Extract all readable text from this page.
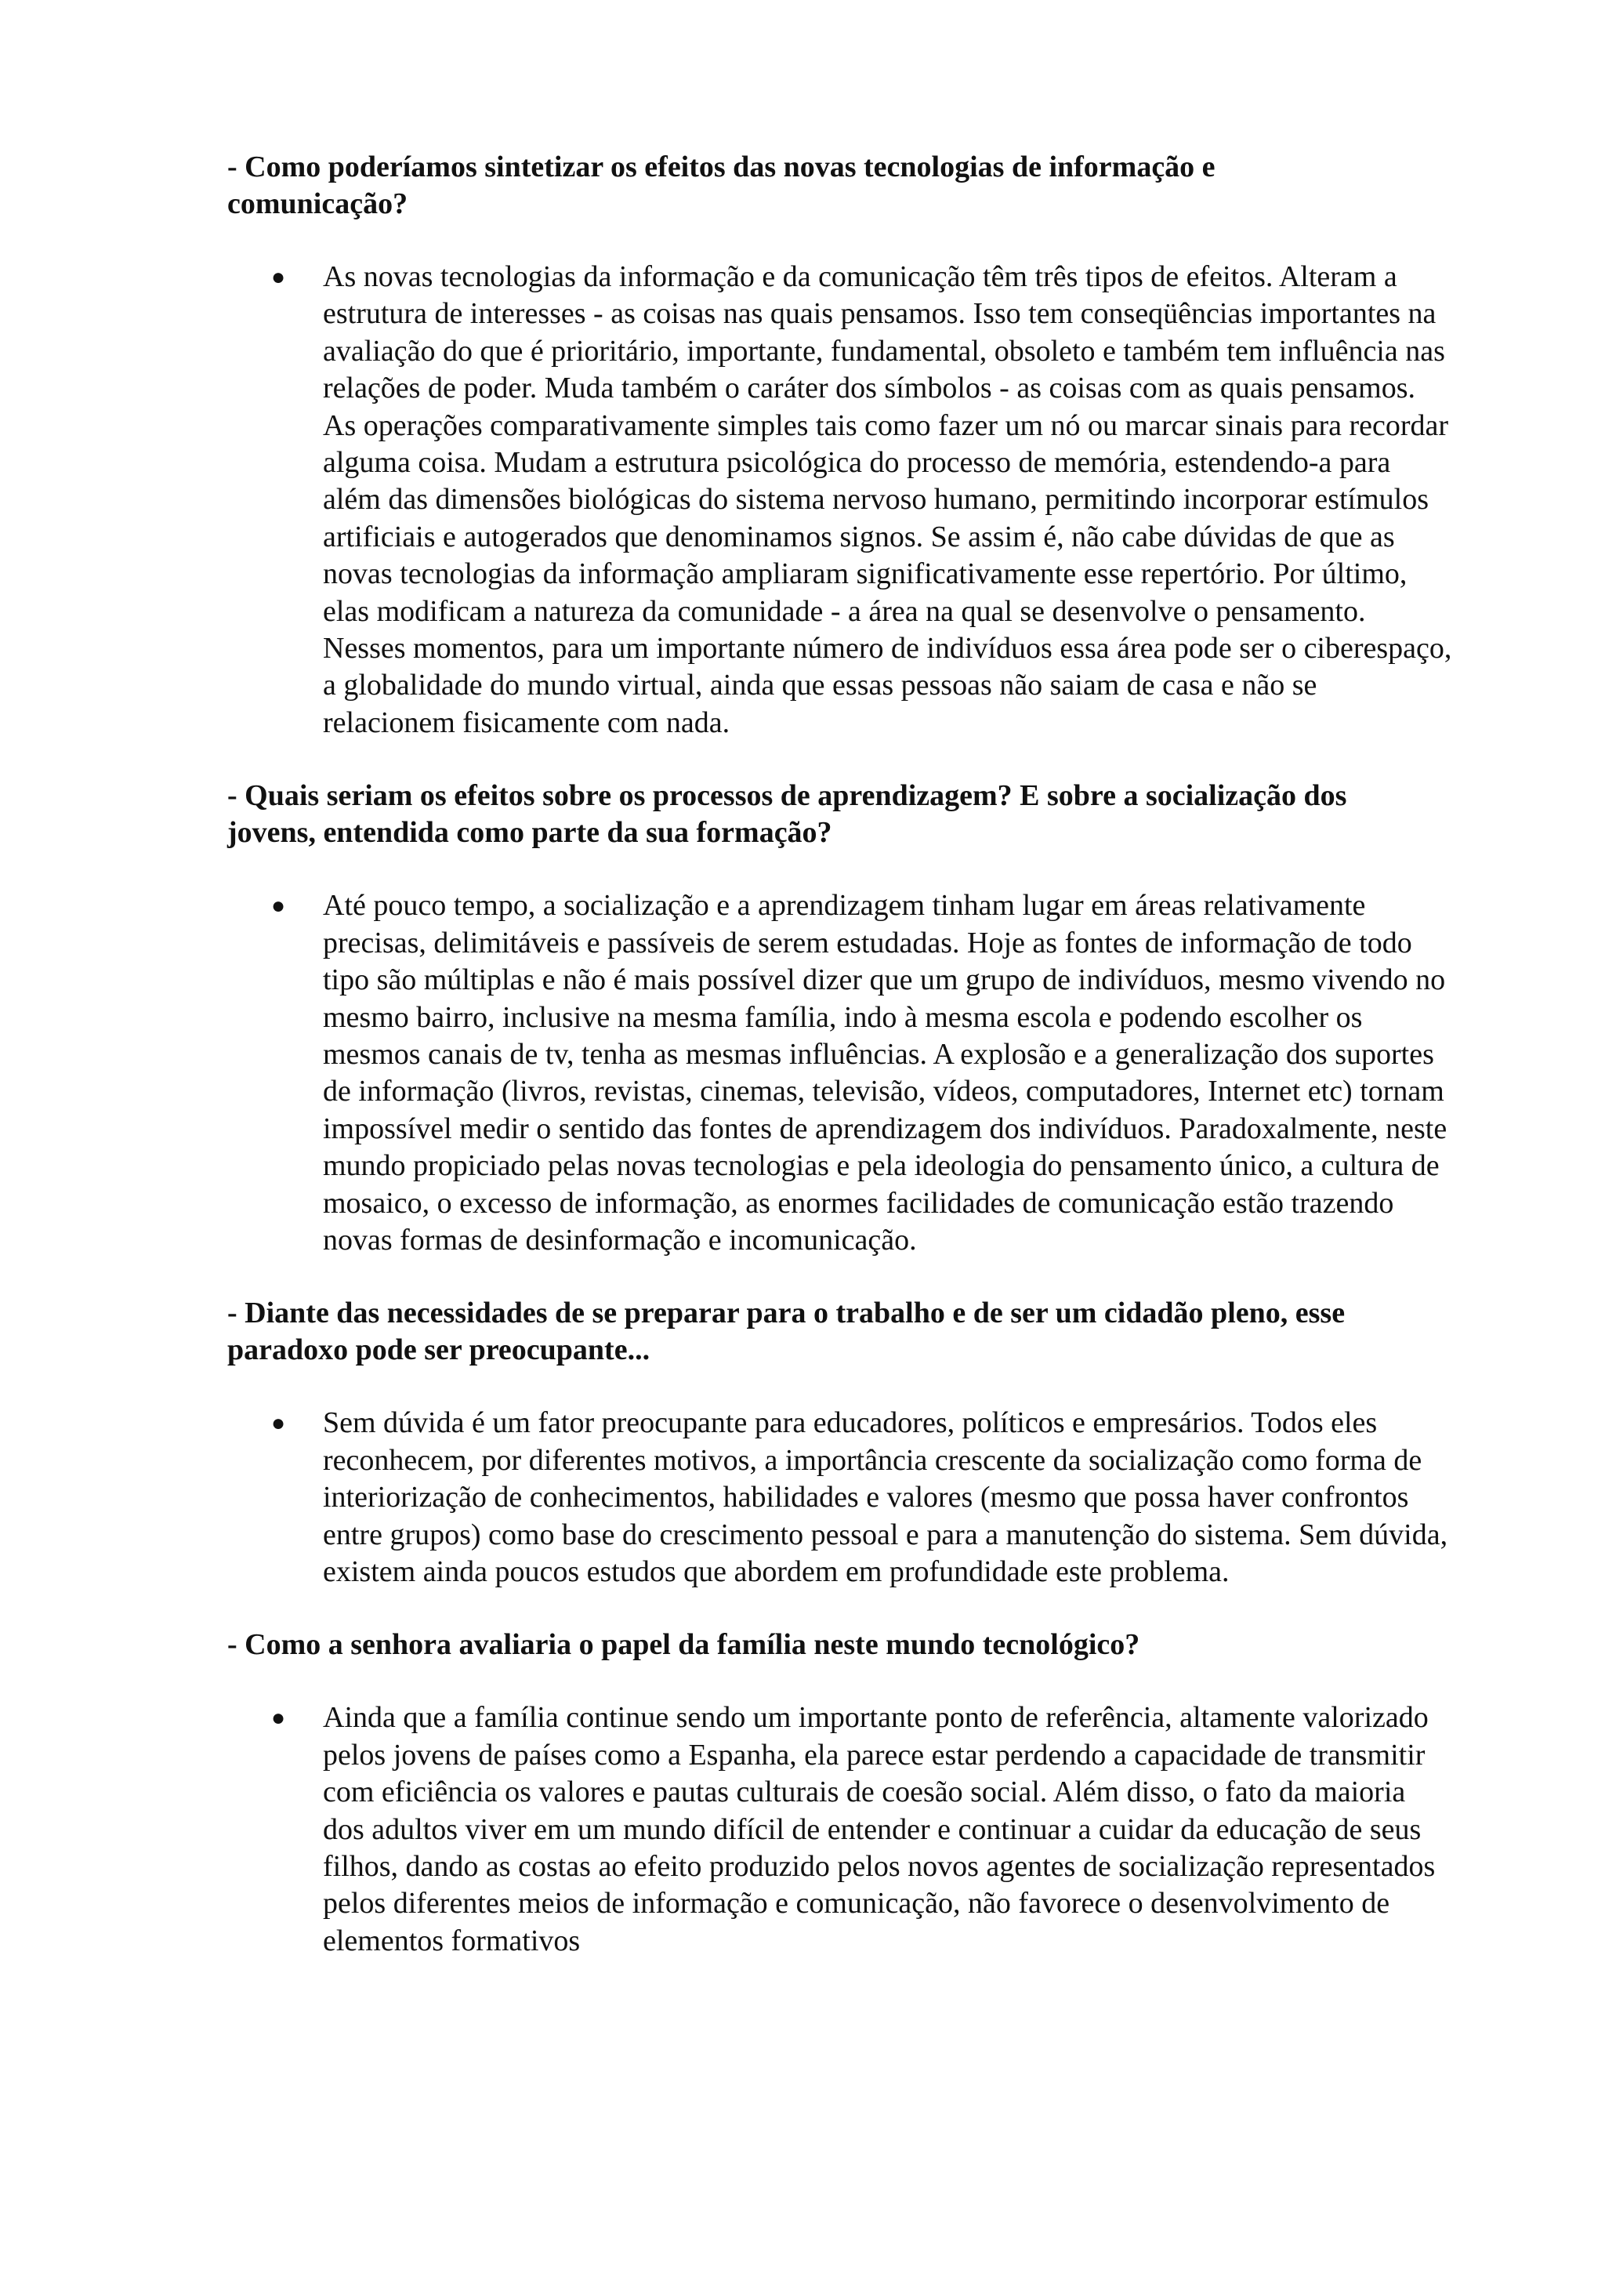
- Como poderíamos sintetizar os efeitos das novas tecnologias de informação e comunicação?

● As novas tecnologias da informação e da comunicação têm três tipos de efeitos. Alteram a estrutura de interesses - as coisas nas quais pensamos. Isso tem conseqüências importantes na avaliação do que é prioritário, importante, fundamental, obsoleto e também tem influência nas relações de poder. Muda também o caráter dos símbolos - as coisas com as quais pensamos. As operações comparativamente simples tais como fazer um nó ou marcar sinais para recordar alguma coisa. Mudam a estrutura psicológica do processo de memória, estendendo-a para além das dimensões biológicas do sistema nervoso humano, permitindo incorporar estímulos artificiais e autogerados que denominamos signos. Se assim é, não cabe dúvidas de que as novas tecnologias da informação ampliaram significativamente esse repertório. Por último, elas modificam a natureza da comunidade - a área na qual se desenvolve o pensamento. Nesses momentos, para um importante número de indivíduos essa área pode ser o ciberespaço, a globalidade do mundo virtual, ainda que essas pessoas não saiam de casa e não se relacionem fisicamente com nada.

- Quais seriam os efeitos sobre os processos de aprendizagem? E sobre a socialização dos jovens, entendida como parte da sua formação?

● Até pouco tempo, a socialização e a aprendizagem tinham lugar em áreas relativamente precisas, delimitáveis e passíveis de serem estudadas. Hoje as fontes de informação de todo tipo são múltiplas e não é mais possível dizer que um grupo de indivíduos, mesmo vivendo no mesmo bairro, inclusive na mesma família, indo à mesma escola e podendo escolher os mesmos canais de tv, tenha as mesmas influências. A explosão e a generalização dos suportes de informação (livros, revistas, cinemas, televisão, vídeos, computadores, Internet etc) tornam impossível medir o sentido das fontes de aprendizagem dos indivíduos. Paradoxalmente, neste mundo propiciado pelas novas tecnologias e pela ideologia do pensamento único, a cultura de mosaico, o excesso de informação, as enormes facilidades de comunicação estão trazendo novas formas de desinformação e incomunicação.

- Diante das necessidades de se preparar para o trabalho e de ser um cidadão pleno, esse paradoxo pode ser preocupante...

● Sem dúvida é um fator preocupante para educadores, políticos e empresários. Todos eles reconhecem, por diferentes motivos, a importância crescente da socialização como forma de interiorização de conhecimentos, habilidades e valores (mesmo que possa haver confrontos entre grupos) como base do crescimento pessoal e para a manutenção do sistema. Sem dúvida, existem ainda poucos estudos que abordem em profundidade este problema.

- Como a senhora avaliaria o papel da família neste mundo tecnológico?

● Ainda que a família continue sendo um importante ponto de referência, altamente valorizado pelos jovens de países como a Espanha, ela parece estar perdendo a capacidade de transmitir com eficiência os valores e pautas culturais de coesão social. Além disso, o fato da maioria dos adultos viver em um mundo difícil de entender e continuar a cuidar da educação de seus filhos, dando as costas ao efeito produzido pelos novos agentes de socialização representados pelos diferentes meios de informação e comunicação, não favorece o desenvolvimento de elementos formativos
